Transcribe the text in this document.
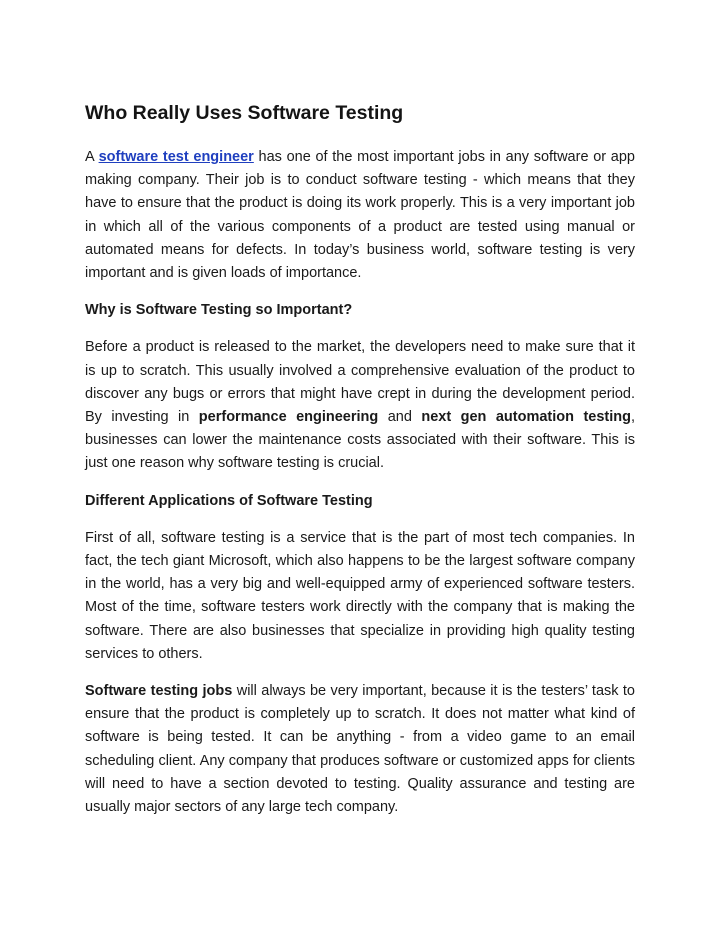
Who Really Uses Software Testing

A software test engineer has one of the most important jobs in any software or app making company. Their job is to conduct software testing - which means that they have to ensure that the product is doing its work properly. This is a very important job in which all of the various components of a product are tested using manual or automated means for defects. In today’s business world, software testing is very important and is given loads of importance.

Why is Software Testing so Important?

Before a product is released to the market, the developers need to make sure that it is up to scratch. This usually involved a comprehensive evaluation of the product to discover any bugs or errors that might have crept in during the development period. By investing in performance engineering and next gen automation testing, businesses can lower the maintenance costs associated with their software. This is just one reason why software testing is crucial.

Different Applications of Software Testing

First of all, software testing is a service that is the part of most tech companies. In fact, the tech giant Microsoft, which also happens to be the largest software company in the world, has a very big and well-equipped army of experienced software testers. Most of the time, software testers work directly with the company that is making the software. There are also businesses that specialize in providing high quality testing services to others.

Software testing jobs will always be very important, because it is the testers’ task to ensure that the product is completely up to scratch. It does not matter what kind of software is being tested. It can be anything - from a video game to an email scheduling client. Any company that produces software or customized apps for clients will need to have a section devoted to testing. Quality assurance and testing are usually major sectors of any large tech company.
